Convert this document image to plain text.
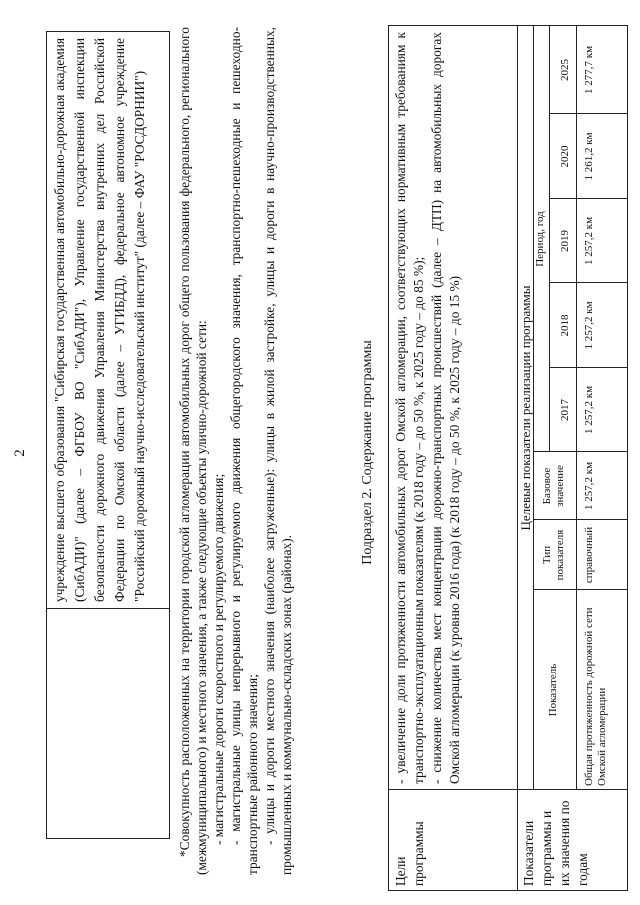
2	учреждение высшего образования "Сибирская государственная автомобильно-дорожная академия (СибАДИ)" (далее – ФГБОУ ВО "СибАДИ"), Управление государственной инспекции безопасности дорожного движения Управления Министерства внутренних дел Российской Федерации по Омской области (далее – УГИБДД), федеральное автономное учреждение "Российский дорожный научно-исследовательский институт" (далее – ФАУ "РОСДОРНИИ")	*Совокупность расположенных на территории городской агломерации автомобильных дорог общего пользования федерального, регионального (межмуниципального) и местного значения, а также следующие объекты улично-дорожной сети: - магистральные дороги скоростного и регулируемого движения; - магистральные улицы непрерывного и регулируемого движения общегородского значения, транспортно-пешеходные и пешеходно-транспортные районного значения; - улицы и дороги местного значения (наиболее загруженные): улицы в жилой застройке, улицы и дороги в научно-производственных, промышленных и коммунально-складских зонах (районах).

Подраздел 2. Содержание программы
Цели программы

- увеличение доли протяженности автомобильных дорог Омской агломерации, соответствующих нормативным требованиям к транспортно-эксплуатационным показателям (к 2018 году – до 50 %, к 2025 году – до 85 %); - снижение количества мест концентрации дорожно-транспортных происшествий (далее – ДТП) на автомобильных дорогах Омской агломерации (к уровню 2016 года) (к 2018 году – до 50 %, к 2025 году – до 15 %)

Показатели программы и их значения по годам
Целевые показатели реализации программы
Показатель
Тип показателя
Базовое значение
Период, год
2017
2018
2019
2020
2025
Общая протяженность дорожной сети Омской агломерации
справочный
1 257,2 км
1 257,2 км
1 257,2 км
1 257,2 км
1 261,2 км
1 277,7 км
